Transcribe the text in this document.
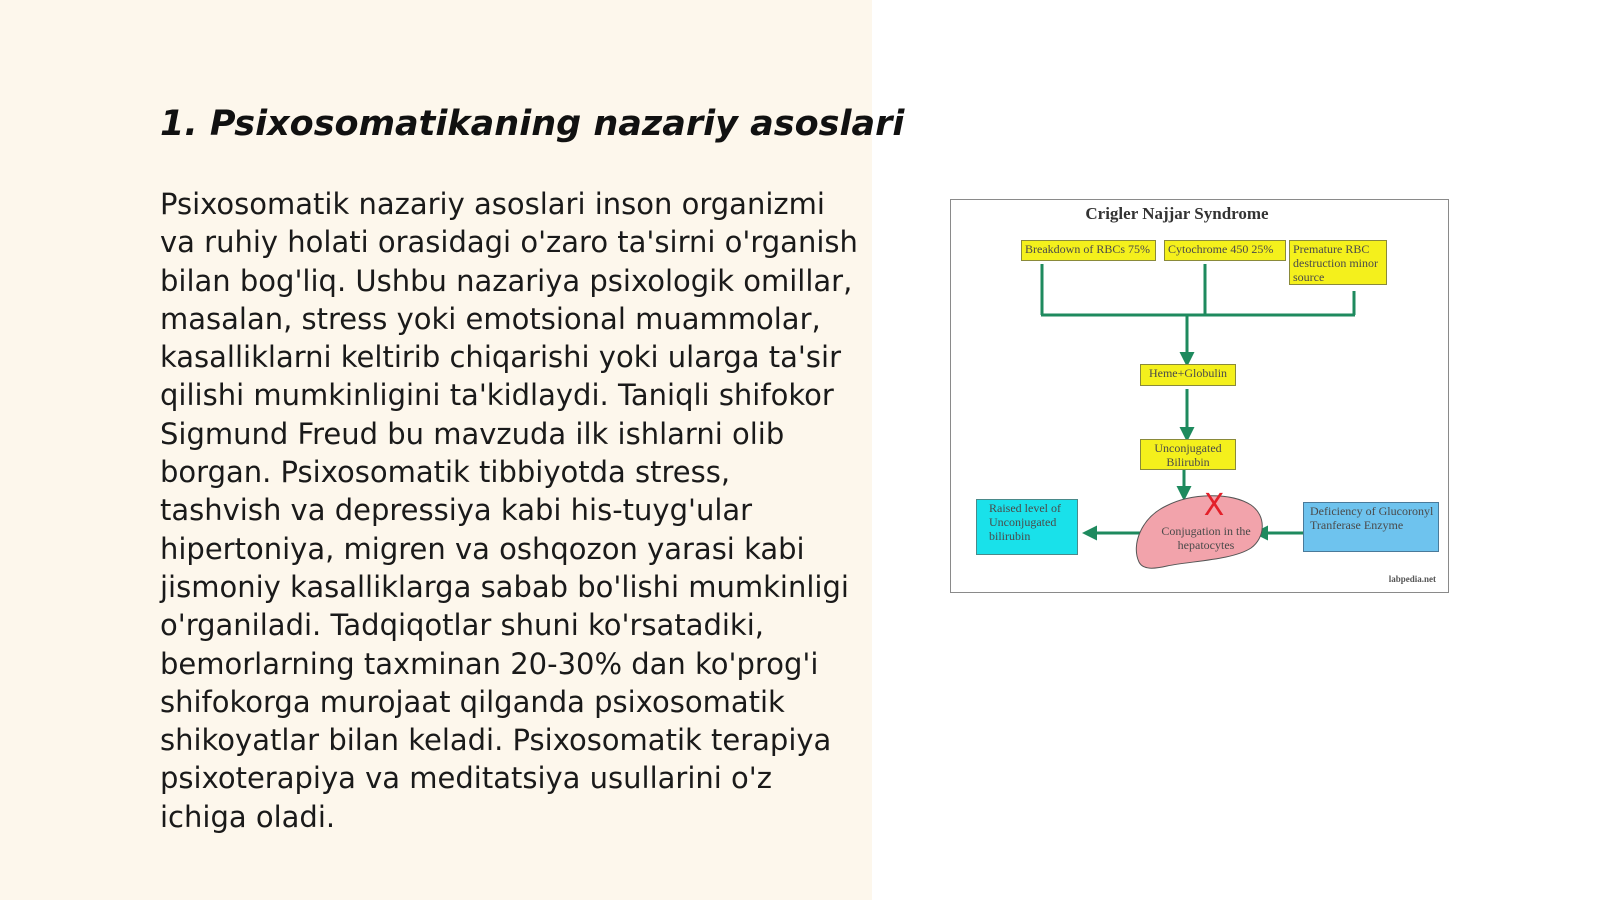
1. Psixosomatikaning nazariy asoslari

Psixosomatik nazariy asoslari inson organizmi va ruhiy holati orasidagi o'zaro ta'sirni o'rganish bilan bog'liq. Ushbu nazariya psixologik omillar, masalan, stress yoki emotsional muammolar, kasalliklarni keltirib chiqarishi yoki ularga ta'sir qilishi mumkinligini ta'kidlaydi. Taniqli shifokor Sigmund Freud bu mavzuda ilk ishlarni olib borgan. Psixosomatik tibbiyotda stress, tashvish va depressiya kabi his-tuyg'ular hipertoniya, migren va oshqozon yarasi kabi jismoniy kasalliklarga sabab bo'lishi mumkinligi o'rganiladi. Tadqiqotlar shuni ko'rsatadiki, bemorlarning taxminan 20-30% dan ko'prog'i shifokorga murojaat qilganda psixosomatik shikoyatlar bilan keladi. Psixosomatik terapiya psixoterapiya va meditatsiya usullarini o'z ichiga oladi.

X
Crigler Najjar Syndrome
Breakdown of RBCs 75%	Cytochrome 450 25%	Premature RBC destruction minor source
Heme+Globulin
Unconjugated Bilirubin
Raised level of Unconjugated bilirubin
Deficiency of Glucoronyl Tranferase Enzyme
Conjugation in the hepatocytes
labpedia.net
